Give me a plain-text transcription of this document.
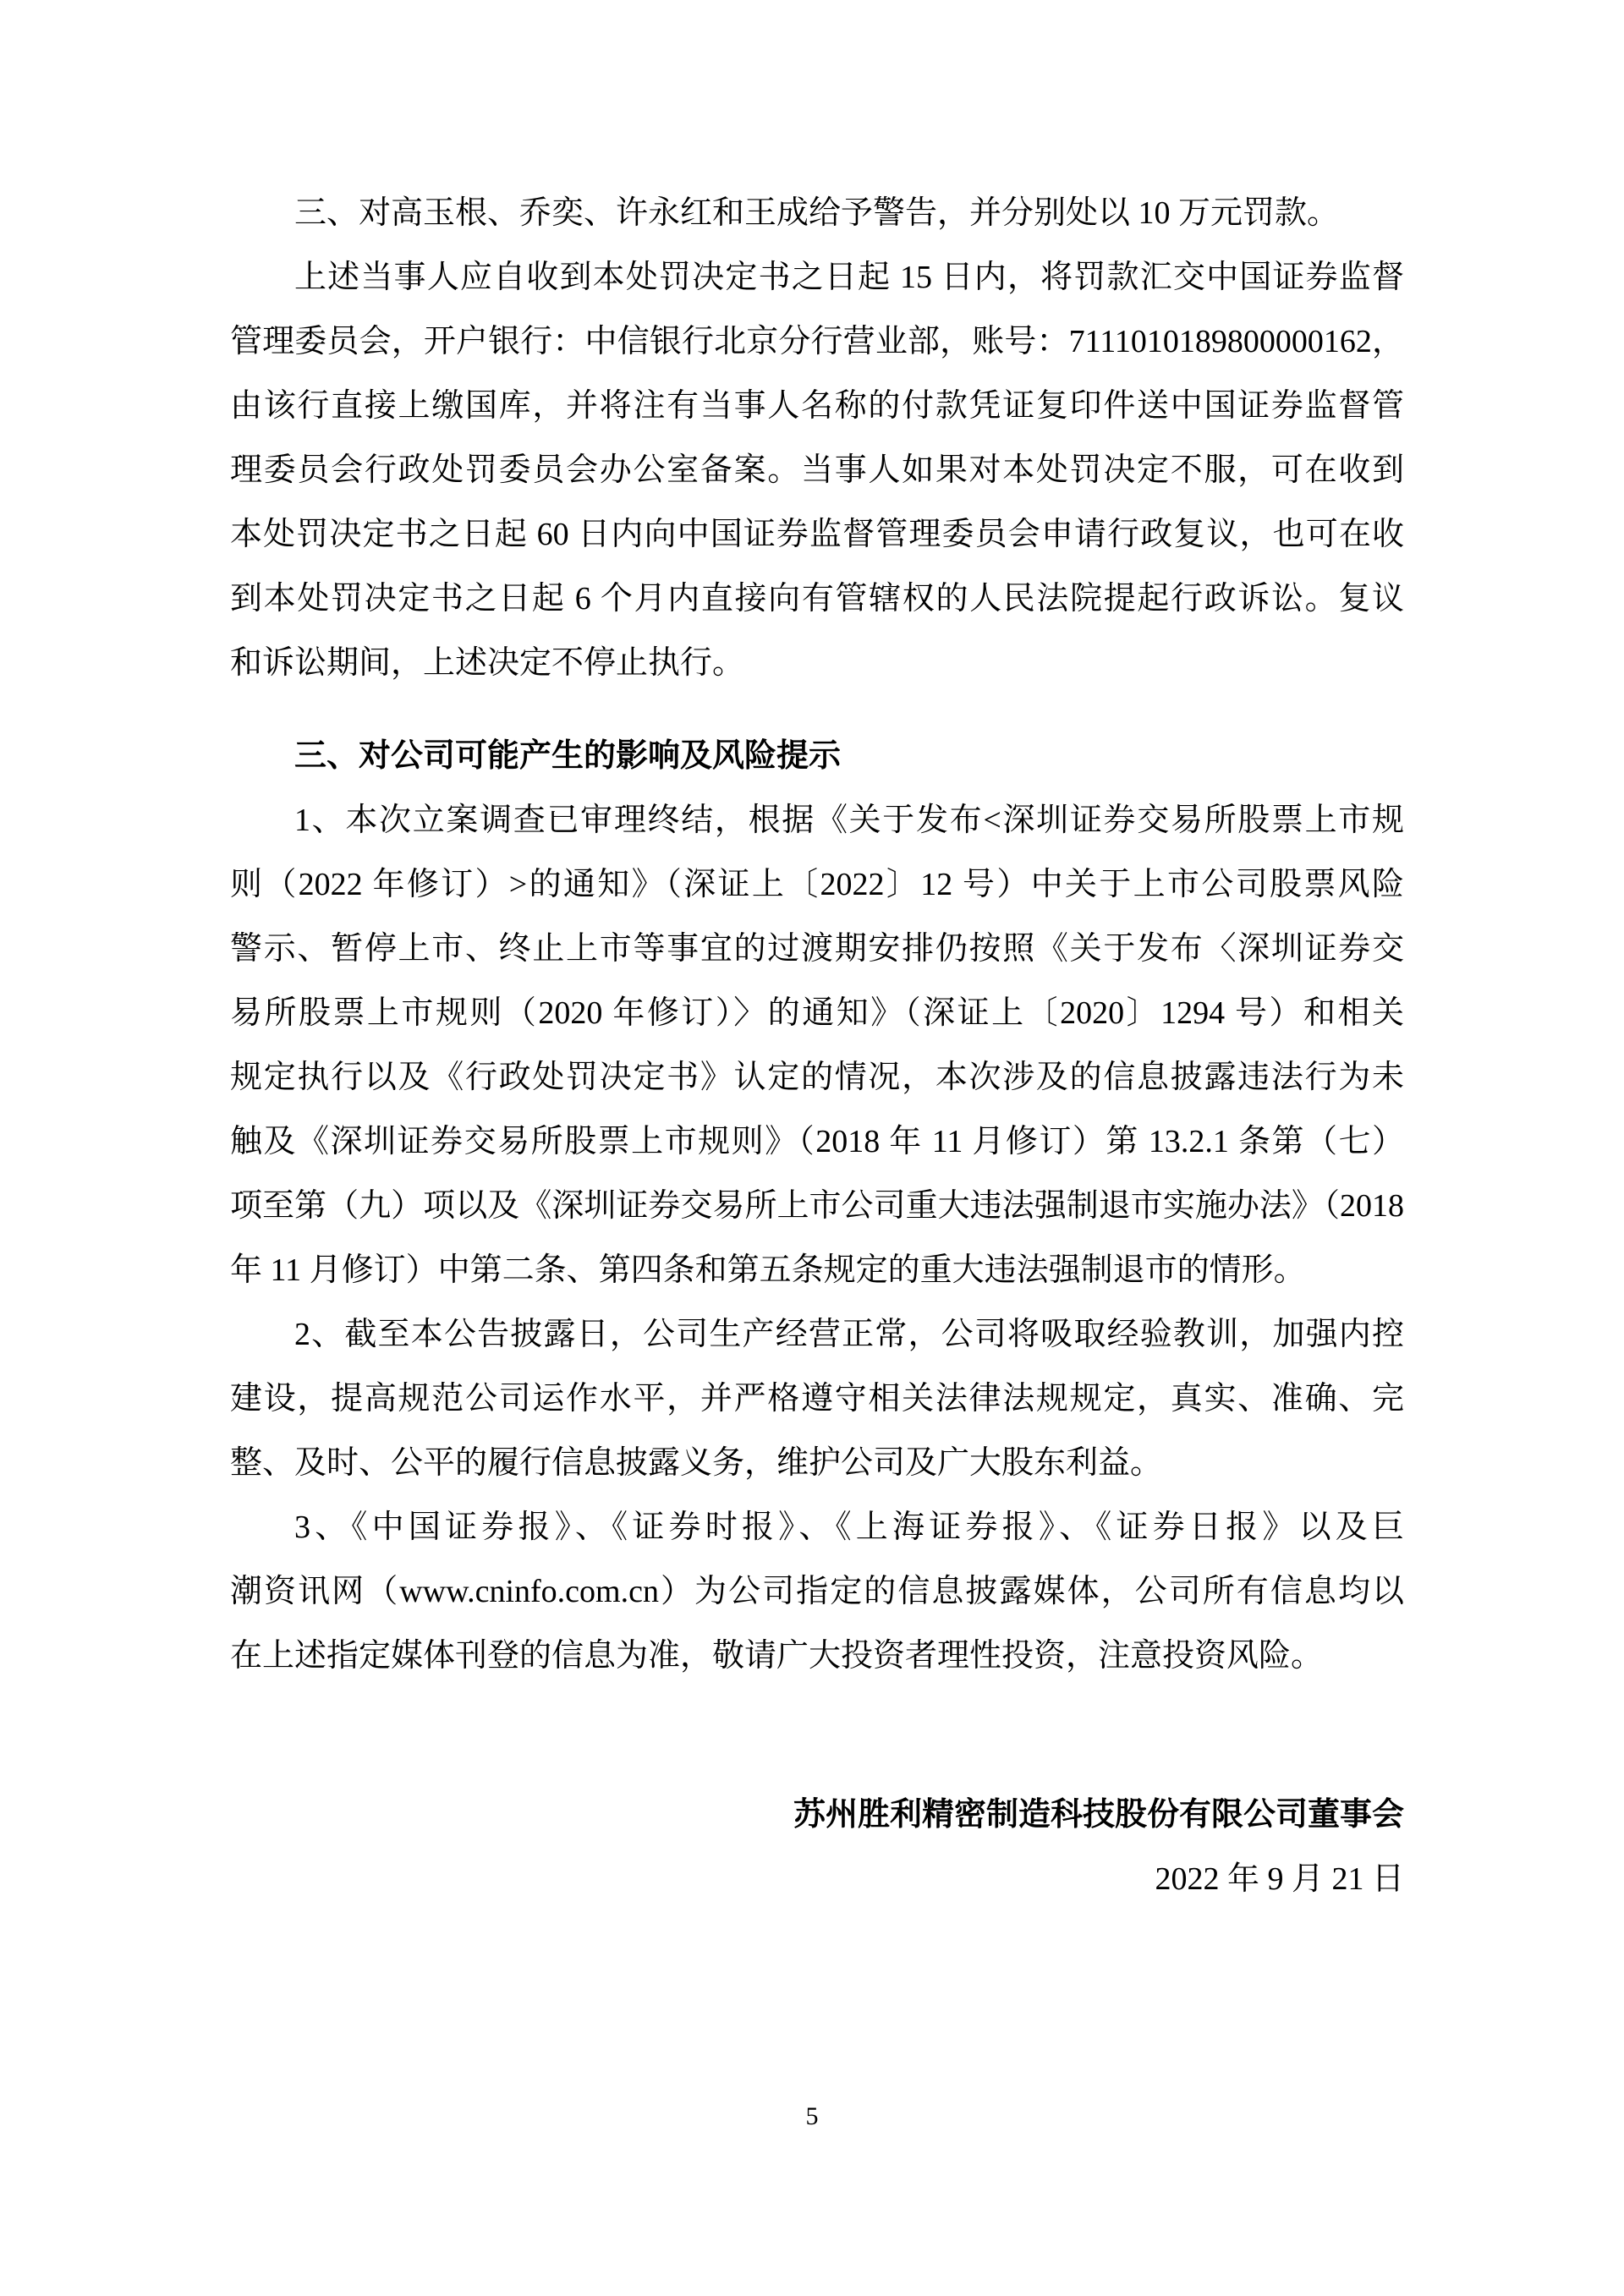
三、对高玉根、乔奕、许永红和王成给予警告，并分别处以 10 万元罚款。
上述当事人应自收到本处罚决定书之日起 15 日内，将罚款汇交中国证券监督
管理委员会，开户银行：中信银行北京分行营业部，账号：7111010189800000162，
由该行直接上缴国库，并将注有当事人名称的付款凭证复印件送中国证券监督管
理委员会行政处罚委员会办公室备案。当事人如果对本处罚决定不服，可在收到
本处罚决定书之日起 60 日内向中国证券监督管理委员会申请行政复议，也可在收
到本处罚决定书之日起 6 个月内直接向有管辖权的人民法院提起行政诉讼。复议
和诉讼期间，上述决定不停止执行。
三、对公司可能产生的影响及风险提示
1、本次立案调查已审理终结，根据《关于发布<深圳证券交易所股票上市规
则（2022 年修订）>的通知》（深证上〔2022〕12 号）中关于上市公司股票风险
警示、暂停上市、终止上市等事宜的过渡期安排仍按照《关于发布〈深圳证券交
易所股票上市规则（2020 年修订）〉的通知》（深证上〔2020〕1294 号）和相关
规定执行以及《行政处罚决定书》认定的情况，本次涉及的信息披露违法行为未
触及《深圳证券交易所股票上市规则》（2018 年 11 月修订）第 13.2.1 条第（七）
项至第（九）项以及《深圳证券交易所上市公司重大违法强制退市实施办法》（2018
年 11 月修订）中第二条、第四条和第五条规定的重大违法强制退市的情形。
2、截至本公告披露日，公司生产经营正常，公司将吸取经验教训，加强内控
建设，提高规范公司运作水平，并严格遵守相关法律法规规定，真实、准确、完
整、及时、公平的履行信息披露义务，维护公司及广大股东利益。
3、《中国证券报》、《证券时报》、《上海证券报》、《证券日报》以及巨
潮资讯网（www.cninfo.com.cn）为公司指定的信息披露媒体，公司所有信息均以
在上述指定媒体刊登的信息为准，敬请广大投资者理性投资，注意投资风险。
苏州胜利精密制造科技股份有限公司董事会
2022 年 9 月 21 日
5
